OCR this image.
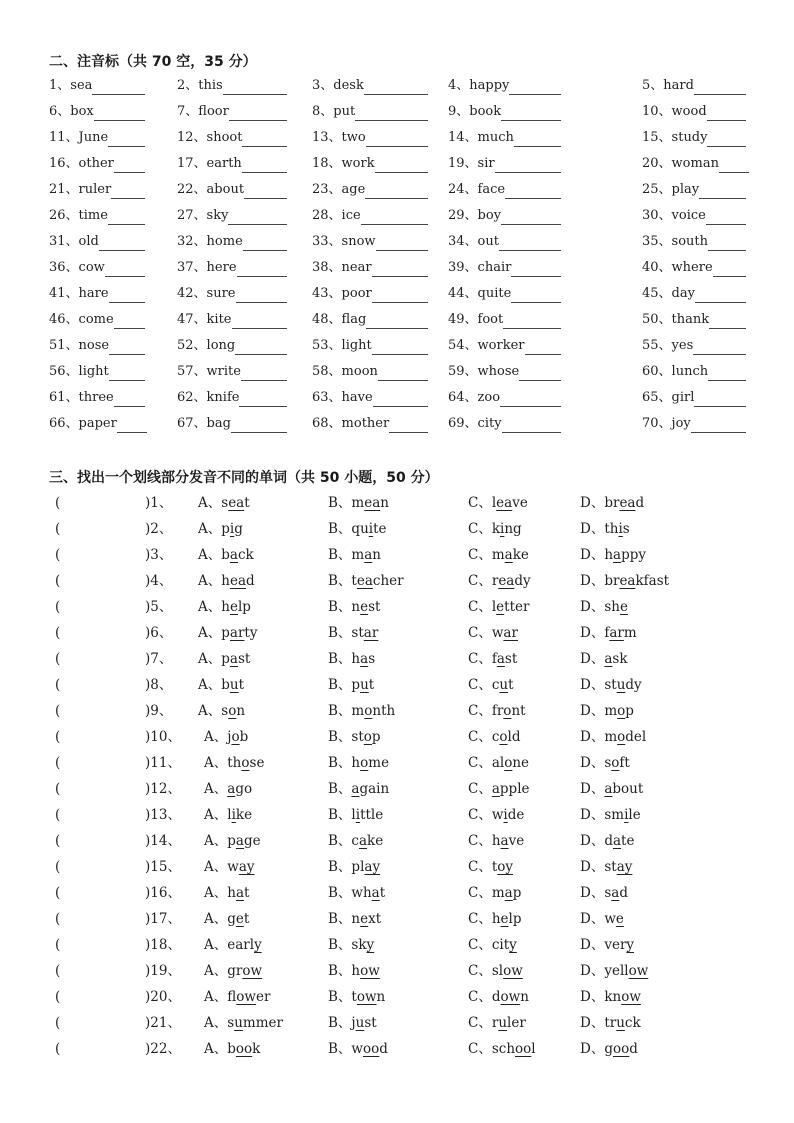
二、注音标（共 70 空，35 分）
1、sea	2、this	3、desk	4、happy	5、hard
6、box	7、floor	8、put	9、book	10、wood
11、June	12、shoot	13、two	14、much	15、study
16、other	17、earth	18、work	19、sir	20、woman
21、ruler	22、about	23、age	24、face	25、play
26、time	27、sky	28、ice	29、boy	30、voice
31、old	32、home	33、snow	34、out	35、south
36、cow	37、here	38、near	39、chair	40、where
41、hare	42、sure	43、poor	44、quite	45、day
46、come	47、kite	48、flag	49、foot	50、thank
51、nose	52、long	53、light	54、worker	55、yes
56、light	57、write	58、moon	59、whose	60、lunch
61、three	62、knife	63、have	64、zoo	65、girl
66、paper	67、bag	68、mother	69、city	70、joy
三、找出一个划线部分发音不同的单词（共 50 小题，50 分）
(	)1、 A、seat	B、mean	C、leave	D、bread
(	)2、 A、pig	B、quite	C、king	D、this
(	)3、 A、back	B、man	C、make	D、happy
(	)4、 A、head	B、teacher	C、ready	D、breakfast
(	)5、 A、help	B、nest	C、letter	D、she
(	)6、 A、party	B、star	C、war	D、farm
(	)7、 A、past	B、has	C、fast	D、ask
(	)8、 A、but	B、put	C、cut	D、study
(	)9、 A、son	B、month	C、front	D、mop
(	)10、 A、job	B、stop	C、cold	D、model
(	)11、 A、those	B、home	C、alone	D、soft
(	)12、 A、ago	B、again	C、apple	D、about
(	)13、 A、like	B、little	C、wide	D、smile
(	)14、 A、page	B、cake	C、have	D、date
(	)15、 A、way	B、play	C、toy	D、stay
(	)16、 A、hat	B、what	C、map	D、sad
(	)17、 A、get	B、next	C、help	D、we
(	)18、 A、early	B、sky	C、city	D、very
(	)19、 A、grow	B、how	C、slow	D、yellow
(	)20、 A、flower	B、town	C、down	D、know
(	)21、 A、summer	B、just	C、ruler	D、truck
(	)22、 A、book	B、wood	C、school	D、good
